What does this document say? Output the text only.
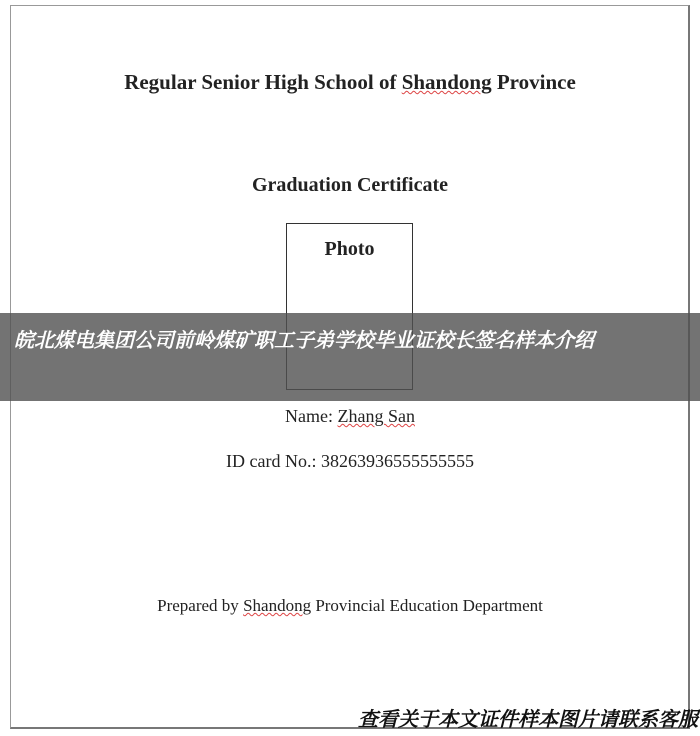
Regular Senior High School of Shandong Province
Graduation Certificate
Photo
Name: Zhang San
ID card No.: 38263936555555555
Prepared by Shandong Provincial Education Department
皖北煤电集团公司前岭煤矿职工子弟学校毕业证校长签名样本介绍
查看关于本文证件样本图片请联系客服
